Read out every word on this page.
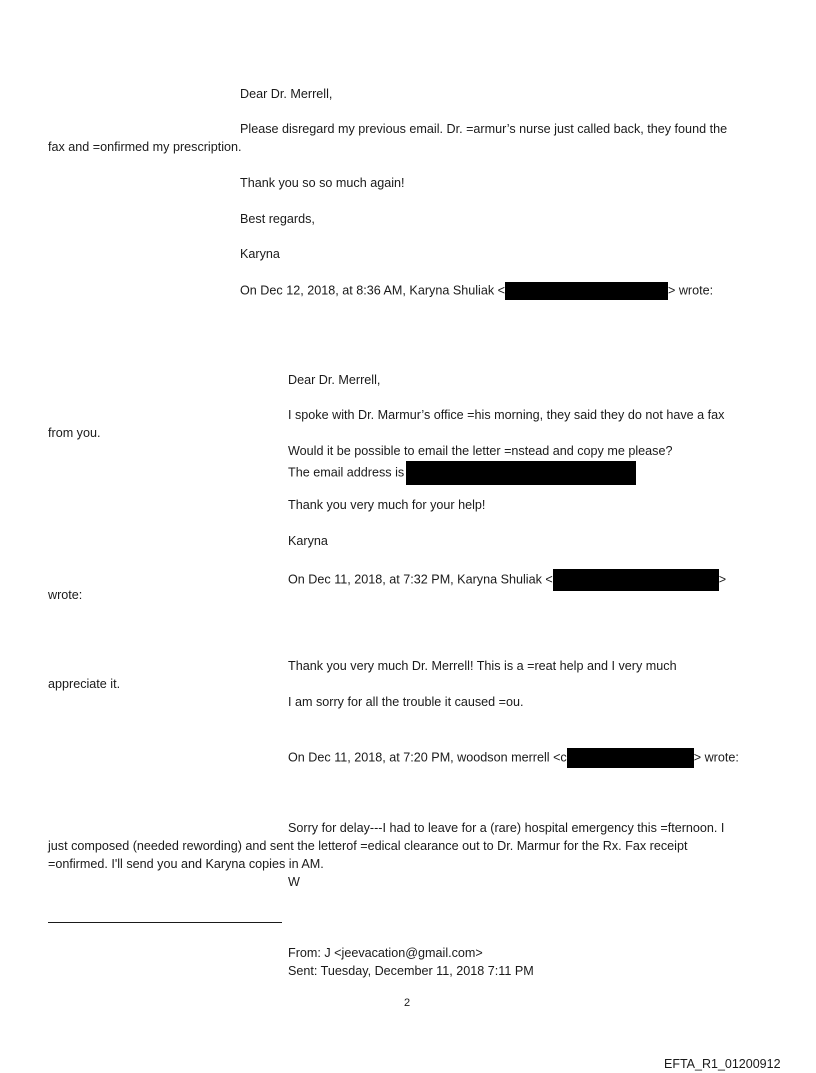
Dear Dr. Merrell,
Please disregard my previous email. Dr. =armur’s nurse just called back, they found the
fax and =onfirmed my prescription.
Thank you so so much again!
Best regards,
Karyna
On Dec 12, 2018, at 8:36 AM, Karyna Shuliak <	> wrote:
Dear Dr. Merrell,
I spoke with Dr. Marmur’s office =his morning, they said they do not have a fax
from you.
Would it be possible to email the letter =nstead and copy me please?
The email address is
Thank you very much for your help!
Karyna
On Dec 11, 2018, at 7:32 PM, Karyna Shuliak <	>
wrote:
Thank you very much Dr. Merrell! This is a =reat help and I very much
appreciate it.
I am sorry for all the trouble it caused =ou.
On Dec 11, 2018, at 7:20 PM, woodson merrell <c	> wrote:
Sorry for delay---I had to leave for a (rare) hospital emergency this =fternoon. I
just composed (needed rewording) and sent the letterof =edical clearance out to Dr. Marmur for the Rx. Fax receipt
=onfirmed. I'll send you and Karyna copies in AM.
W
From: J <jeevacation@gmail.com>
Sent: Tuesday, December 11, 2018 7:11 PM
2
EFTA_R1_01200912
